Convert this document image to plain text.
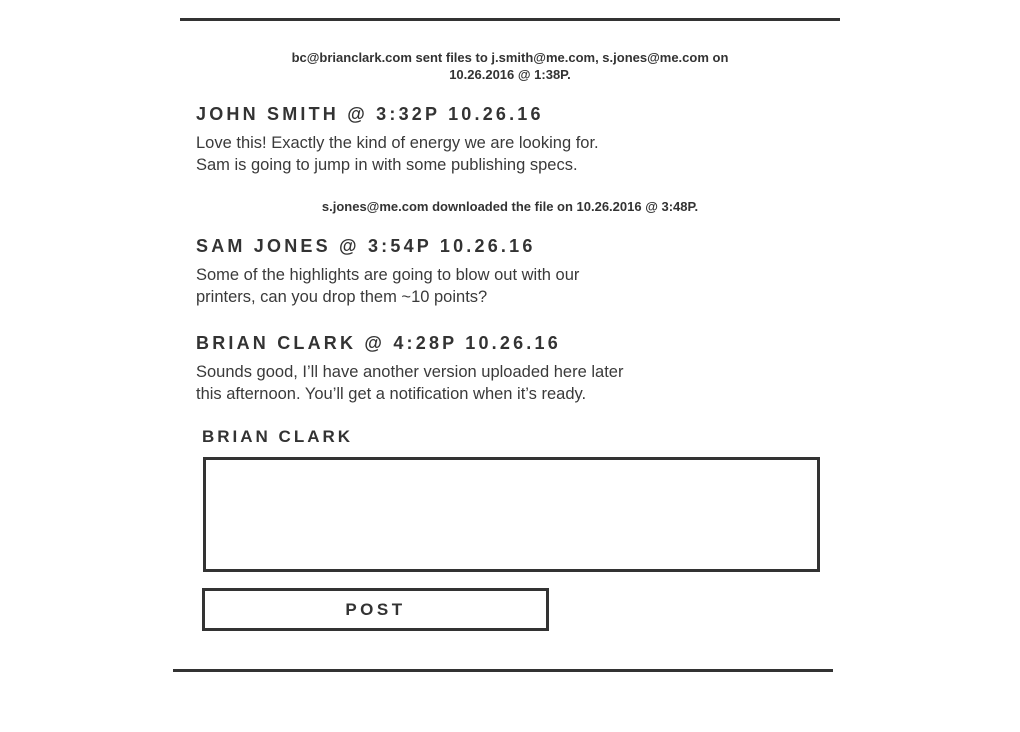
bc@brianclark.com sent files to j.smith@me.com, s.jones@me.com on
10.26.2016 @ 1:38P.
JOHN SMITH @ 3:32P 10.26.16
Love this! Exactly the kind of energy we are looking for.
Sam is going to jump in with some publishing specs.
s.jones@me.com downloaded the file on 10.26.2016 @ 3:48P.
SAM JONES @ 3:54P 10.26.16
Some of the highlights are going to blow out with our
printers, can you drop them ~10 points?
BRIAN CLARK @ 4:28P 10.26.16
Sounds good, I’ll have another version uploaded here later
this afternoon. You’ll get a notification when it’s ready.
BRIAN CLARK
POST
